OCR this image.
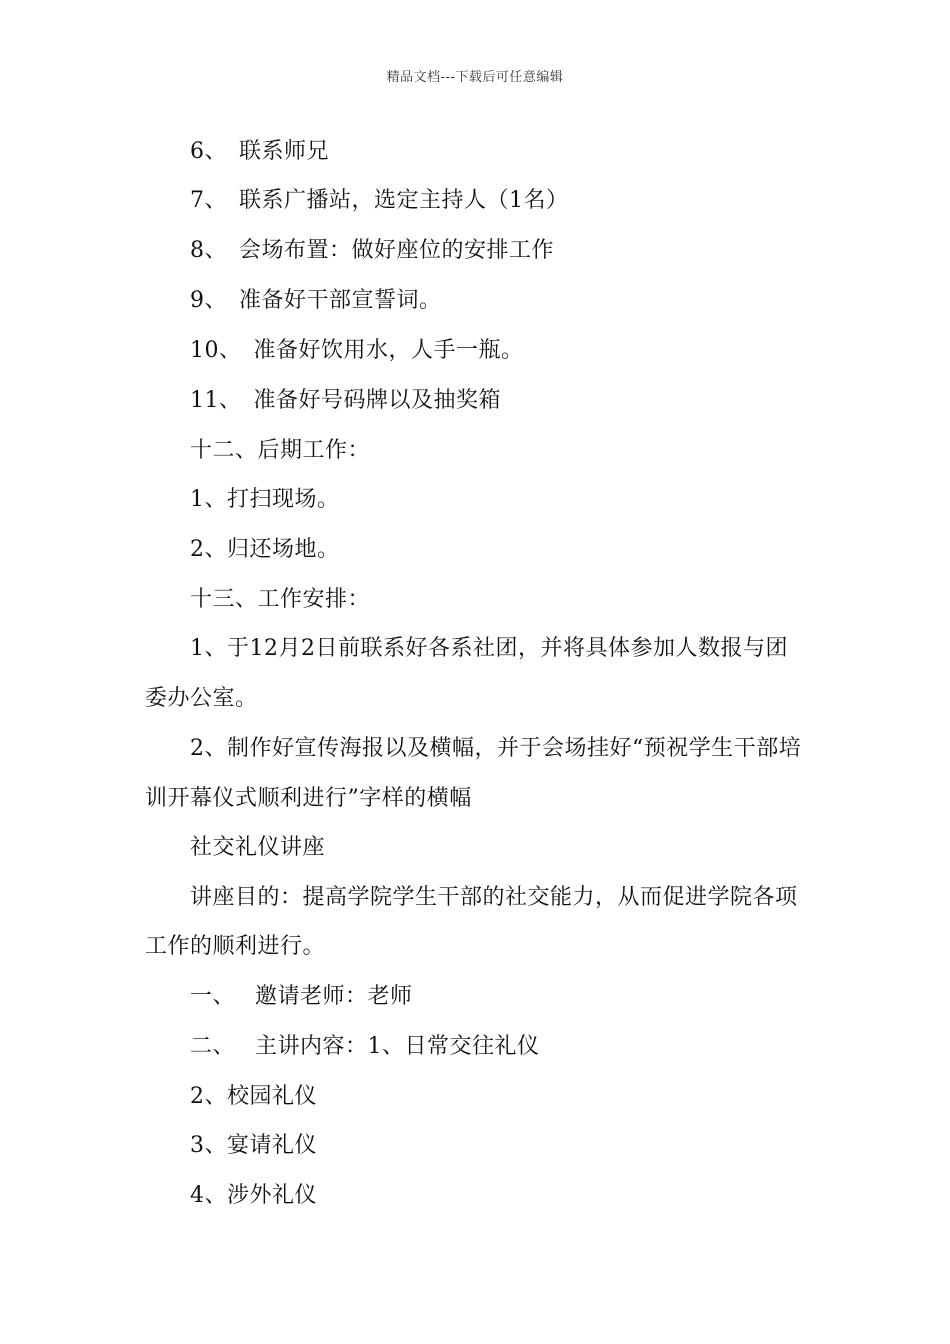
精品文档---下载后可任意编辑
6、 联系师兄
7、 联系广播站，选定主持人（1名）
8、 会场布置：做好座位的安排工作
9、 准备好干部宣誓词。
10、 准备好饮用水，人手一瓶。
11、 准备好号码牌以及抽奖箱
十二、后期工作：
1、打扫现场。
2、归还场地。
十三、工作安排：
1、于12月2日前联系好各系社团，并将具体参加人数报与团
委办公室。
2、制作好宣传海报以及横幅，并于会场挂好“预祝学生干部培
训开幕仪式顺利进行”字样的横幅
社交礼仪讲座
讲座目的：提高学院学生干部的社交能力，从而促进学院各项
工作的顺利进行。
一、 邀请老师：老师
二、 主讲内容：1、日常交往礼仪
2、校园礼仪
3、宴请礼仪
4、涉外礼仪
